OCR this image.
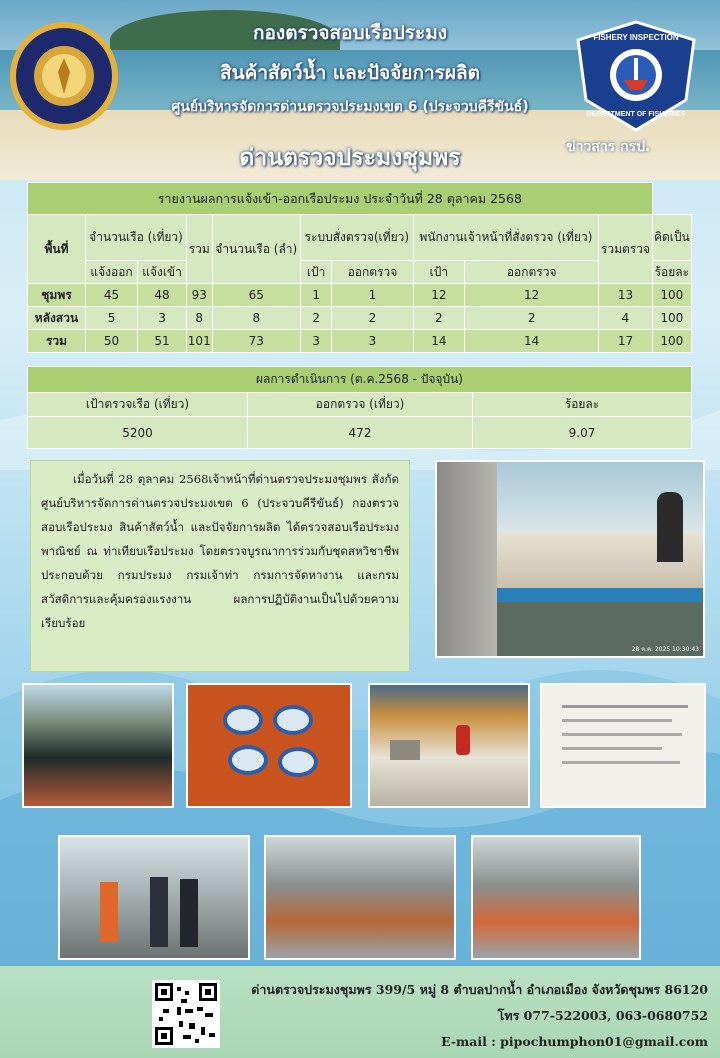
FISHERY INSPECTION
DEPARTMENT OF FISHERIES
กองตรวจสอบเรือประมง
สินค้าสัตว์น้ำ และปัจจัยการผลิต
ศูนย์บริหารจัดการด่านตรวจประมงเขต 6 (ประจวบคีรีขันธ์)
ด่านตรวจประมงชุมพร	ข่าวสาร กรป.
รายงานผลการแจ้งเข้า-ออกเรือประมง ประจำวันที่ 28 ตุลาคม 2568										
พื้นที่	จำนวนเรือ (เที่ยว)		รวม	จำนวนเรือ (ลำ)	ระบบสั่งตรวจ(เที่ยว)		พนักงานเจ้าหน้าที่สั่งตรวจ (เที่ยว)		รวมตรวจ	คิดเป็น
	แจ้งออก	แจ้งเข้า			เป้า	ออกตรวจ	เป้า	ออกตรวจ		ร้อยละ
ชุมพร	45	48	93	65	1	1	12	12	13	100
หลังสวน	5	3	8	8	2	2	2	2	4	100
รวม	50	51	101	73	3	3	14	14	17	100
ผลการดำเนินการ (ต.ค.2568 - ปัจจุบัน)		
เป้าตรวจเรือ (เที่ยว)	ออกตรวจ (เที่ยว)	ร้อยละ
5200	472	9.07
เมื่อวันที่ 28 ตุลาคม 2568เจ้าหน้าที่ด่านตรวจประมงชุมพร สังกัด ศูนย์บริหารจัดการด่านตรวจประมงเขต 6 (ประจวบคีรีขันธ์) กองตรวจสอบเรือประมง สินค้าสัตว์น้ำ และปัจจัยการผลิต ได้ตรวจสอบเรือประมงพาณิชย์ ณ ท่าเทียบเรือประมง โดยตรวจบูรณาการร่วมกับชุดสหวิชาชีพ ประกอบด้วย กรมประมง กรมเจ้าท่า กรมการจัดหางาน และกรมสวัสดิการและคุ้มครองแรงงาน ผลการปฏิบัติงานเป็นไปด้วยความเรียบร้อย
28 ต.ค. 2025 10:30:43
ด่านตรวจประมงชุมพร 399/5 หมู่ 8 ตำบลปากน้ำ อำเภอเมือง จังหวัดชุมพร 86120
โทร 077-522003, 063-0680752
E-mail : pipochumphon01@gmail.com
